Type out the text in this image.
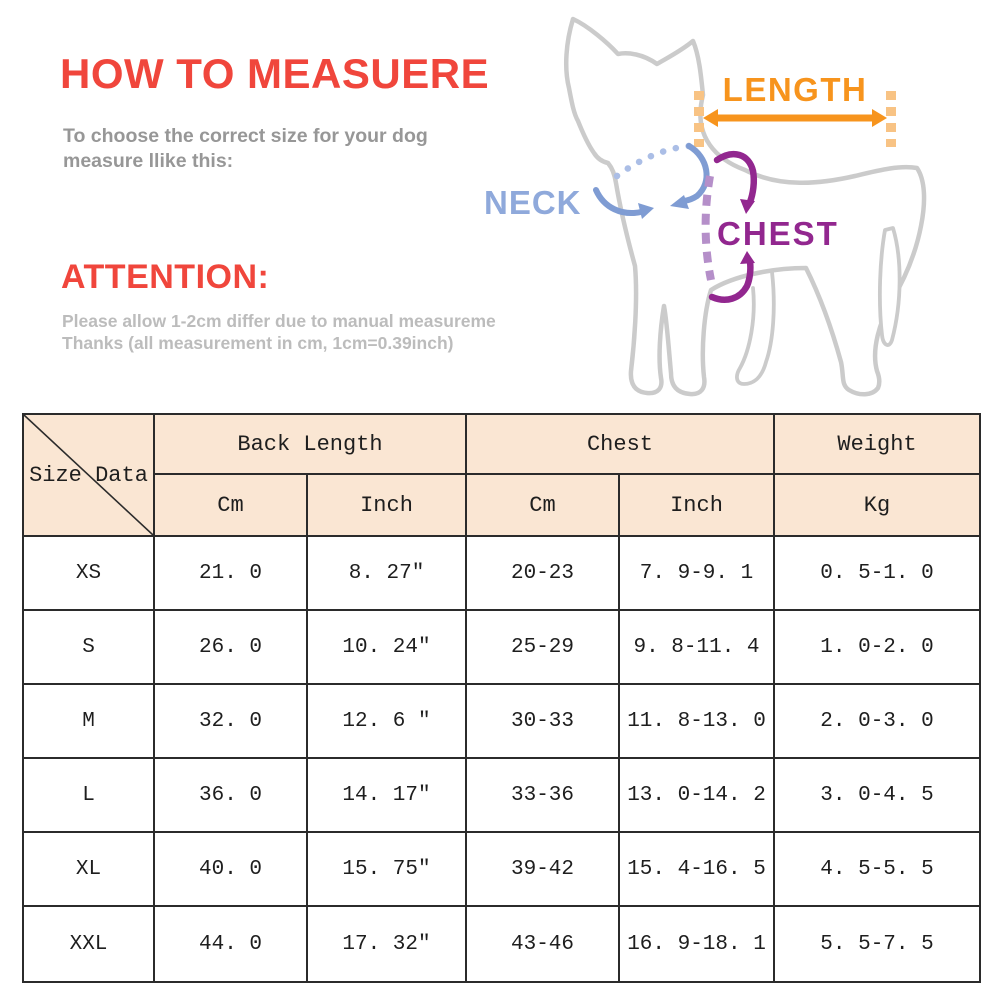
HOW TO MEASUERE
To choose the correct size for your dog
measure llike this:
ATTENTION:
Please allow 1-2cm differ due to manual measureme
Thanks (all measurement in cm, 1cm=0.39inch)
LENGTH
NECK
CHEST
Size Data
Back Length	Chest	Weight
Cm	Inch	Cm	Inch	Kg
XS	21. 0	8. 27″	20-23	7. 9-9. 1	0. 5-1. 0
S	26. 0	10. 24″	25-29	9. 8-11. 4	1. 0-2. 0
M	32. 0	12. 6 ″	30-33	11. 8-13. 0	2. 0-3. 0
L	36. 0	14. 17″	33-36	13. 0-14. 2	3. 0-4. 5
XL	40. 0	15. 75″	39-42	15. 4-16. 5	4. 5-5. 5
XXL	44. 0	17. 32″	43-46	16. 9-18. 1	5. 5-7. 5
